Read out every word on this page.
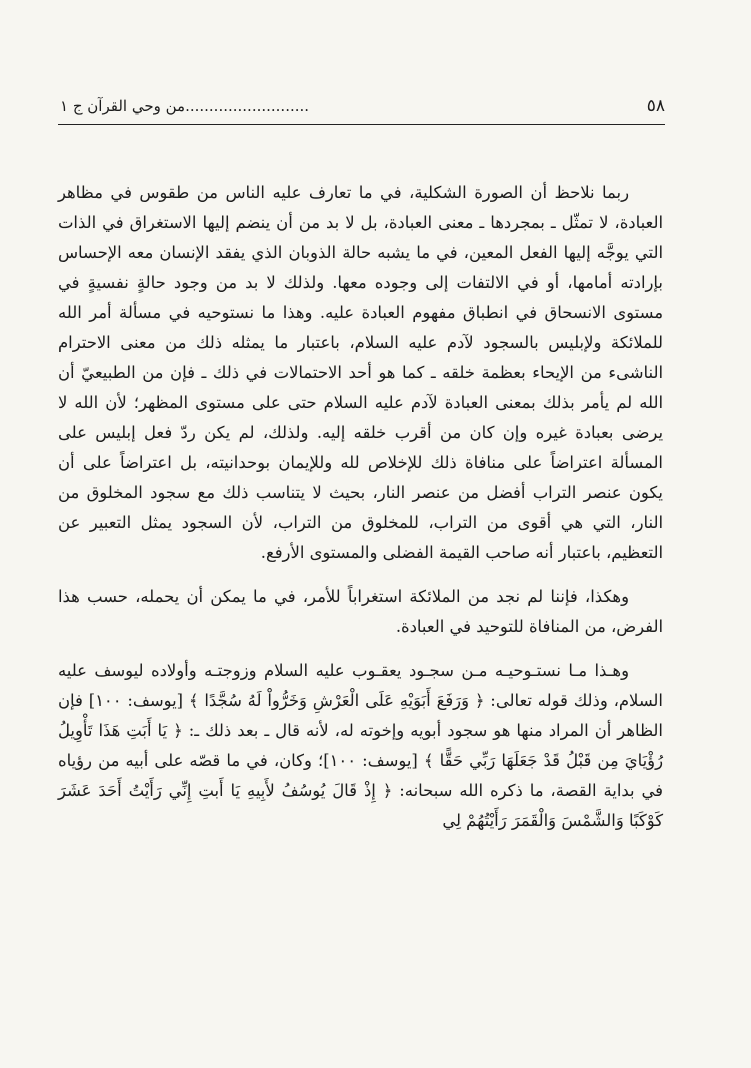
٥٨
..........................من وحي القرآن ج ١

ربما نلاحظ أن الصورة الشكلية، في ما تعارف عليه الناس من طقوس في مظاهر العبادة، لا تمثّل ـ بمجردها ـ معنى العبادة، بل لا بد من أن ينضم إليها الاستغراق في الذات التي يوجَّه إليها الفعل المعين، في ما يشبه حالة الذوبان الذي يفقد الإنسان معه الإحساس بإرادته أمامها، أو في الالتفات إلى وجوده معها. ولذلك لا بد من وجود حالةٍ نفسيةٍ في مستوى الانسحاق في انطباق مفهوم العبادة عليه. وهذا ما نستوحيه في مسألة أمر الله للملائكة ولإبليس بالسجود لآدم عليه السلام، باعتبار ما يمثله ذلك من معنى الاحترام الناشىء من الإيحاء بعظمة خلقه ـ كما هو أحد الاحتمالات في ذلك ـ فإن من الطبيعيّ أن الله لم يأمر بذلك بمعنى العبادة لآدم عليه السلام حتى على مستوى المظهر؛ لأن الله لا يرضى بعبادة غيره وإن كان من أقرب خلقه إليه. ولذلك، لم يكن ردّ فعل إبليس على المسألة اعتراضاً على منافاة ذلك للإخلاص لله وللإيمان بوحدانيته، بل اعتراضاً على أن يكون عنصر التراب أفضل من عنصر النار، بحيث لا يتناسب ذلك مع سجود المخلوق من النار، التي هي أقوى من التراب، للمخلوق من التراب، لأن السجود يمثل التعبير عن التعظيم، باعتبار أنه صاحب القيمة الفضلى والمستوى الأرفع.

وهكذا، فإننا لم نجد من الملائكة استغراباً للأمر، في ما يمكن أن يحمله، حسب هذا الفرض، من المنافاة للتوحيد في العبادة.

وهـذا مـا نستـوحيـه مـن سجـود يعقـوب عليه السلام وزوجتـه وأولاده ليوسف عليه السلام، وذلك قوله تعالى: ﴿ وَرَفَعَ أَبَوَيْهِ عَلَى الْعَرْشِ وَخَرُّواْ لَهُ سُجَّدًا ﴾ [يوسف: ١٠٠] فإن الظاهر أن المراد منها هو سجود أبويه وإخوته له، لأنه قال ـ بعد ذلك ـ: ﴿ يَا أَبَتِ هَذَا تَأْوِيلُ رُؤْيَايَ مِن قَبْلُ قَدْ جَعَلَهَا رَبِّي حَقًّا ﴾ [يوسف: ١٠٠]؛ وكان، في ما قصّه على أبيه من رؤياه في بداية القصة، ما ذكره الله سبحانه: ﴿ إِذْ قَالَ يُوسُفُ لأَبِيهِ يَا أَبتِ إِنِّي رَأَيْتُ أَحَدَ عَشَرَ كَوْكَبًا وَالشَّمْسَ وَالْقَمَرَ رَأَيْتُهُمْ لِي
